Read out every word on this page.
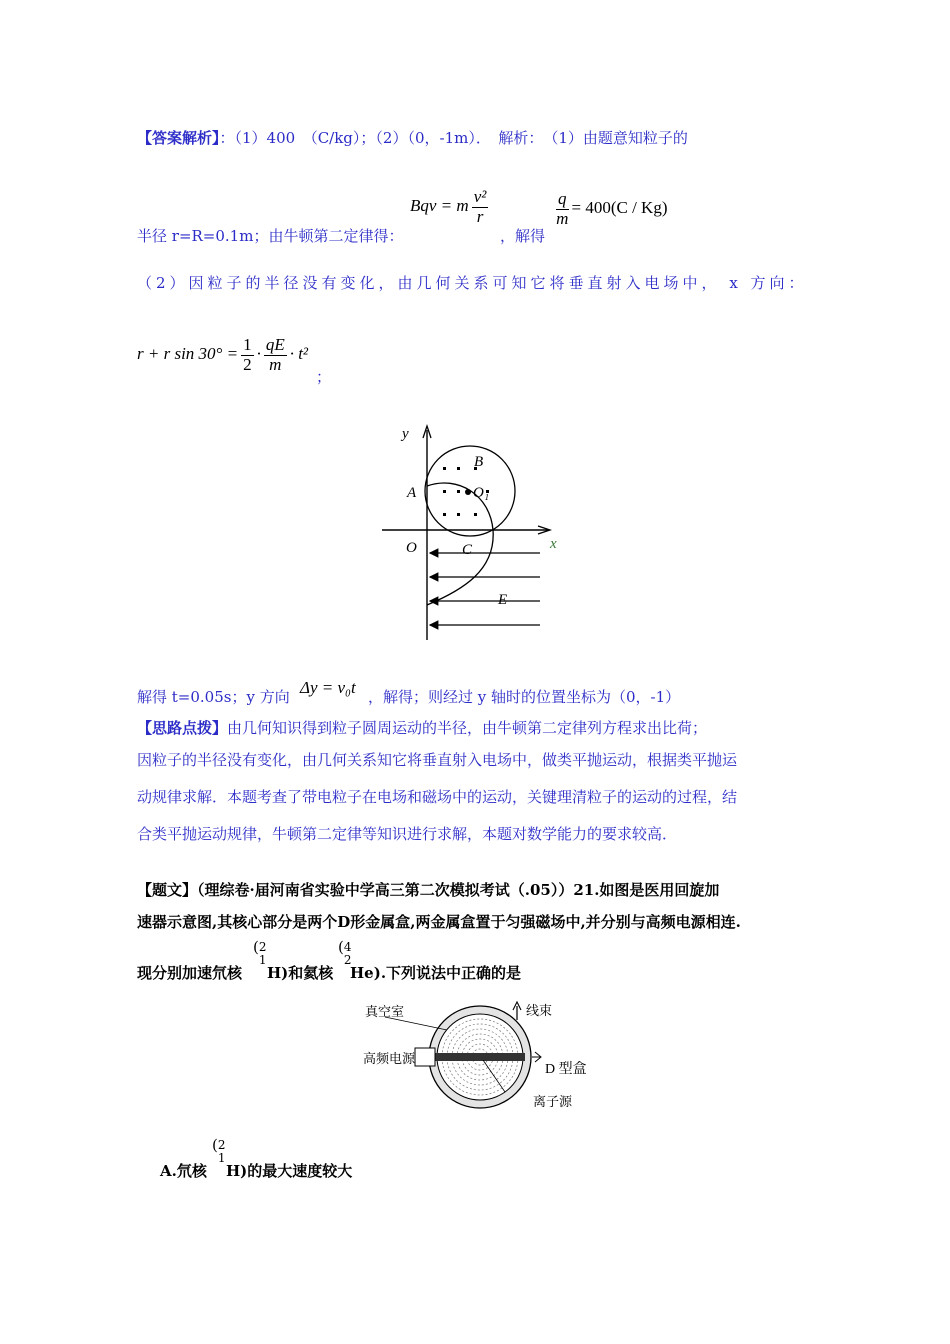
【答案解析】：（1）400　（C/kg）；（2）（0，-1m）．　解析：　（1）由题意知粒子的
Bqv = m $\frac{\text{v²}}{r}$	$\frac{q}{m} = 400(C / Kg)$
半径 r=R=0.1m；由牛顿第二定律得：	，解得
（2）因粒子的半径没有变化，由几何关系可知它将垂直射入电场中， x 方向：
r + r $\sin 30^\circ = \frac{1}{2} \cdot \frac{qE}{m} \cdot t^2$
；
y
x
O
A
B
O₁
C
E
解得 t=0.05s；y 方向 Δy = v₀t ，解得；则经过 y 轴时的位置坐标为（0，-1）
【思路点拨】由几何知识得到粒子圆周运动的半径，由牛顿第二定律列方程求出比荷；
因粒子的半径没有变化，由几何关系知它将垂直射入电场中，做类平抛运动，根据类平抛运
动规律求解．本题考查了带电粒子在电场和磁场中的运动，关键理清粒子的运动的过程，结
合类平抛运动规律，牛顿第二定律等知识进行求解，本题对数学能力的要求较高．
【题文】（理综卷·届河南省实验中学高三第二次模拟考试（.05））21.如图是医用回旋加
速器示意图,其核心部分是两个D形金属盒,两金属盒置于匀强磁场中,并分别与高频电源相连.
现分别加速氘核
( 2
1
H)和氦核
( 4
2
He).下列说法中正确的是
真空室	线束
高频电源
D 型盒
离子源
A.氘核
( 2
1
H)的最大速度较大
